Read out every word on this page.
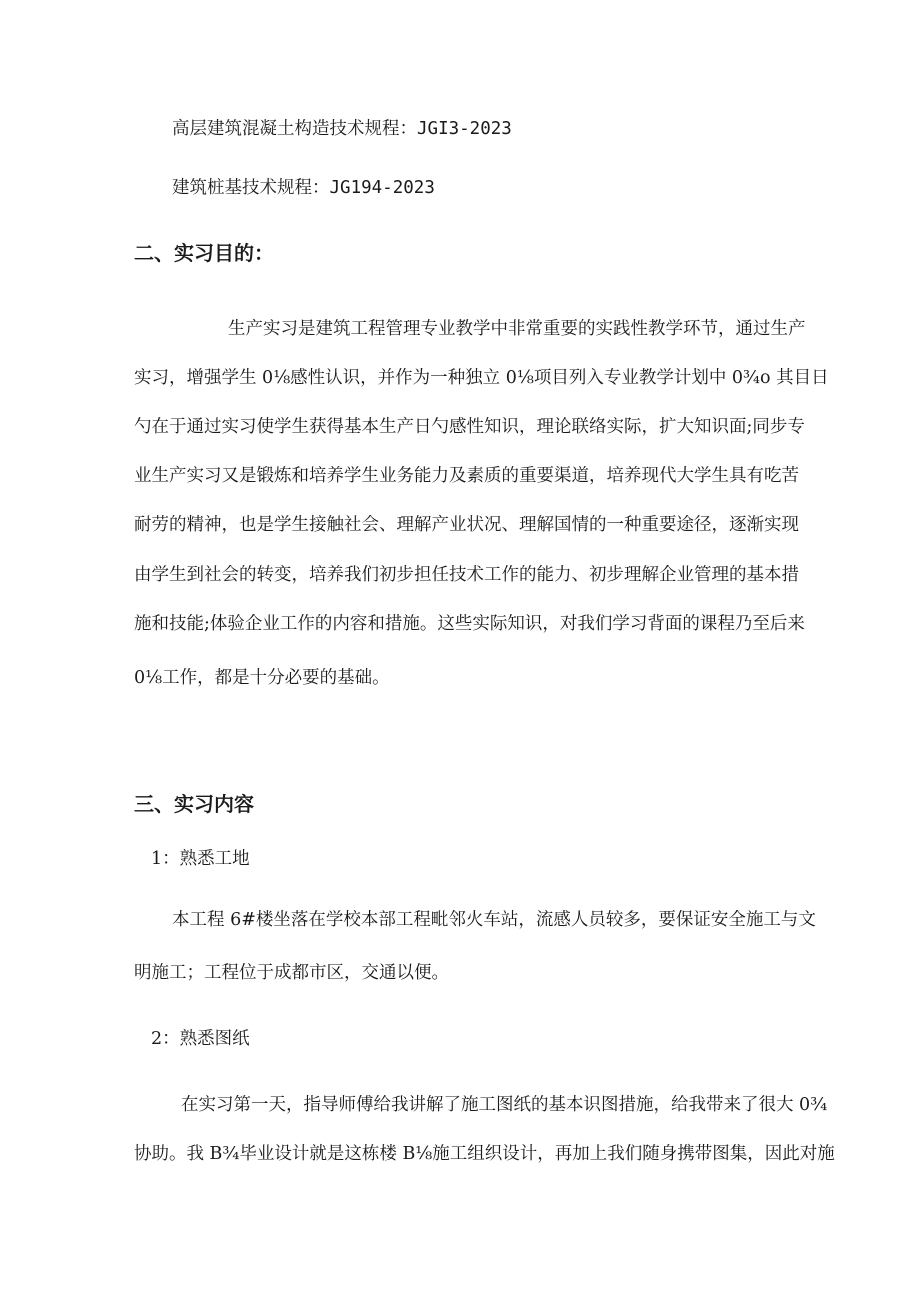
高层建筑混凝土构造技术规程：JGI3-2023
建筑桩基技术规程：JG194-2023
二、实习目的：
生产实习是建筑工程管理专业教学中非常重要的实践性教学环节，通过生产
实习，增强学生 0⅛感性认识，并作为一种独立 0⅛项目列入专业教学计划中 0¾o 其目日
勺在于通过实习使学生获得基本生产日勺感性知识，理论联络实际，扩大知识面;同步专
业生产实习又是锻炼和培养学生业务能力及素质的重要渠道，培养现代大学生具有吃苦
耐劳的精神，也是学生接触社会、理解产业状况、理解国情的一种重要途径，逐渐实现
由学生到社会的转变，培养我们初步担任技术工作的能力、初步理解企业管理的基本措
施和技能;体验企业工作的内容和措施。这些实际知识，对我们学习背面的课程乃至后来
0⅛工作，都是十分必要的基础。
三、实习内容
1：熟悉工地
本工程 6#楼坐落在学校本部工程毗邻火车站，流感人员较多，要保证安全施工与文
明施工；工程位于成都市区，交通以便。
2：熟悉图纸
在实习第一天，指导师傅给我讲解了施工图纸的基本识图措施，给我带来了很大 0¾
协助。我 B¾毕业设计就是这栋楼 B⅛施工组织设计，再加上我们随身携带图集，因此对施
